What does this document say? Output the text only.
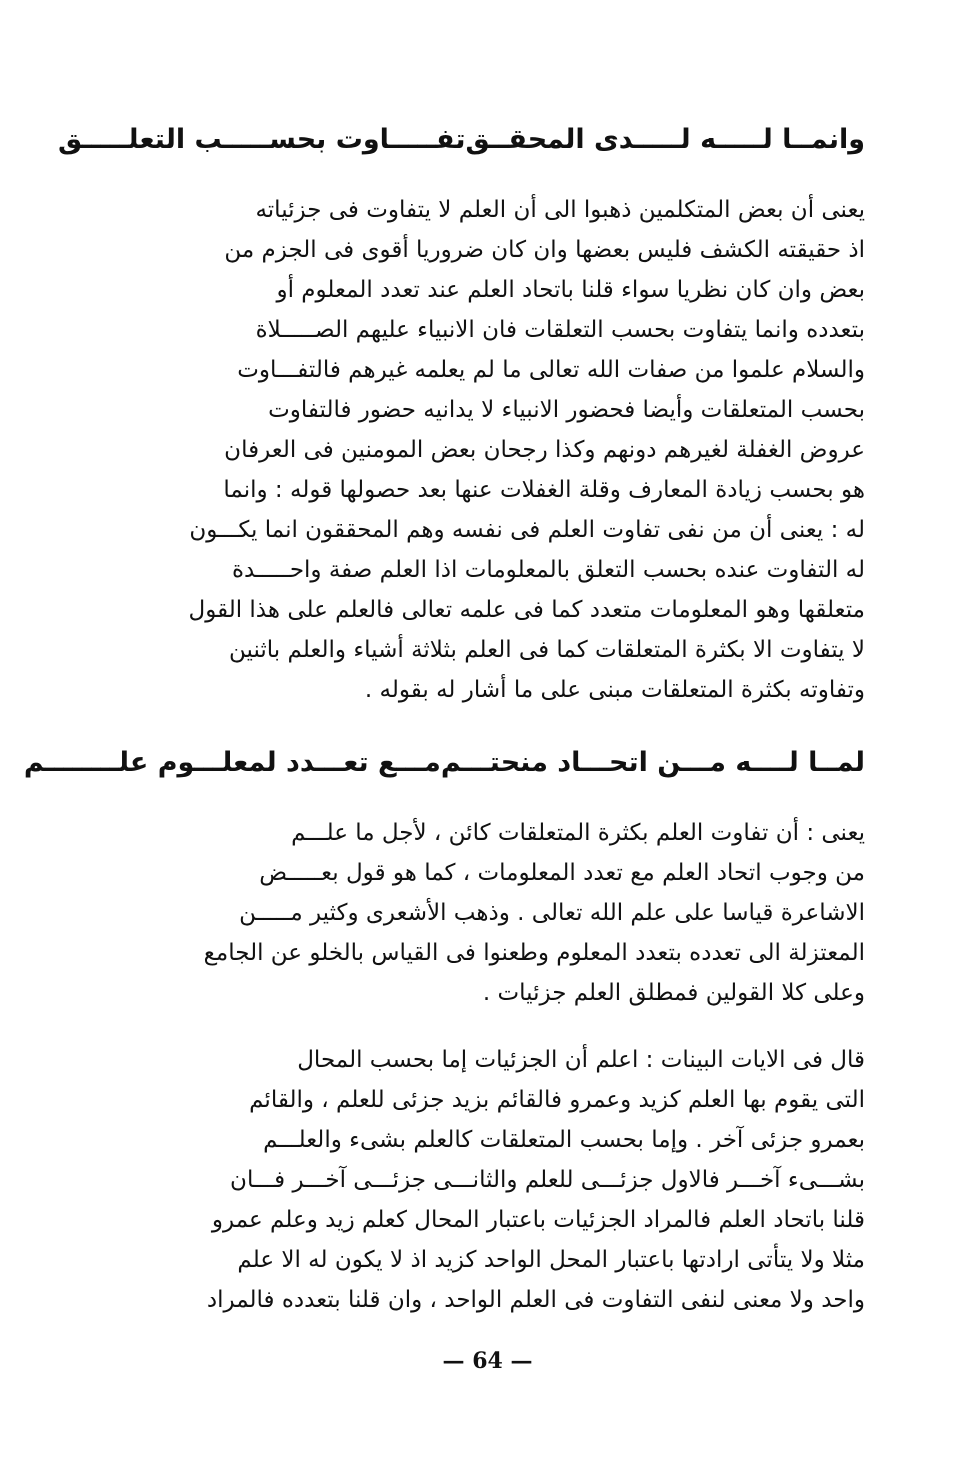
وانمــا لـــــه لـــــدى المحقــق
تفـــــاوت بحســـــب التعلـــــق
يعنى أن بعض المتكلمين ذهبوا الى أن العلم لا يتفاوت فى جزئياته
اذ حقيقته الكشف فليس بعضها وان كان ضروريا أقوى فى الجزم من
بعض وان كان نظريا سواء قلنا باتحاد العلم عند تعدد المعلوم أو
بتعدده وانما يتفاوت بحسب التعلقات فان الانبياء عليهم الصـــــلاة
والسلام علموا من صفات الله تعالى ما لم يعلمه غيرهم فالتفـــاوت
بحسب المتعلقات وأيضا فحضور الانبياء لا يدانيه حضور فالتفاوت
عروض الغفلة لغيرهم دونهم وكذا رجحان بعض المومنين فى العرفان
هو بحسب زيادة المعارف وقلة الغفلات عنها بعد حصولها قوله : وانما
له : يعنى أن من نفى تفاوت العلم فى نفسه وهم المحققون انما يكـــون
له التفاوت عنده بحسب التعلق بالمعلومات اذا العلم صفة واحـــــدة
متعلقها وهو المعلومات متعدد كما فى علمه تعالى فالعلم على هذا القول
لا يتفاوت الا بكثرة المتعلقات كما فى العلم بثلاثة أشياء والعلم باثنين
وتفاوته بكثرة المتعلقات مبنى على ما أشار له بقوله .
لمــا لــــه مـــن اتحـــاد منحتـــم
مـــع تعـــدد لمعلـــوم علــــــــم
يعنى : أن تفاوت العلم بكثرة المتعلقات كائن ، لأجل ما علـــم
من وجوب اتحاد العلم مع تعدد المعلومات ، كما هو قول بعـــــض
الاشاعرة قياسا على علم الله تعالى . وذهب الأشعرى وكثير مـــــن
المعتزلة الى تعدده بتعدد المعلوم وطعنوا فى القياس بالخلو عن الجامع
وعلى كلا القولين فمطلق العلم جزئيات .
قال فى الايات البينات : اعلم أن الجزئيات إما بحسب المحال
التى يقوم بها العلم كزيد وعمرو فالقائم بزيد جزئى للعلم ، والقائم
بعمرو جزئى آخر . وإما بحسب المتعلقات كالعلم بشىء والعلـــم
بشـــىء آخـــر فالاول جزئـــى للعلم والثانـــى جزئـــى آخـــر فـــان
قلنا باتحاد العلم فالمراد الجزئيات باعتبار المحال كعلم زيد وعلم عمرو
مثلا ولا يتأتى ارادتها باعتبار المحل الواحد كزيد اذ لا يكون له الا علم
واحد ولا معنى لنفى التفاوت فى العلم الواحد ، وان قلنا بتعدده فالمراد
— 64 —
